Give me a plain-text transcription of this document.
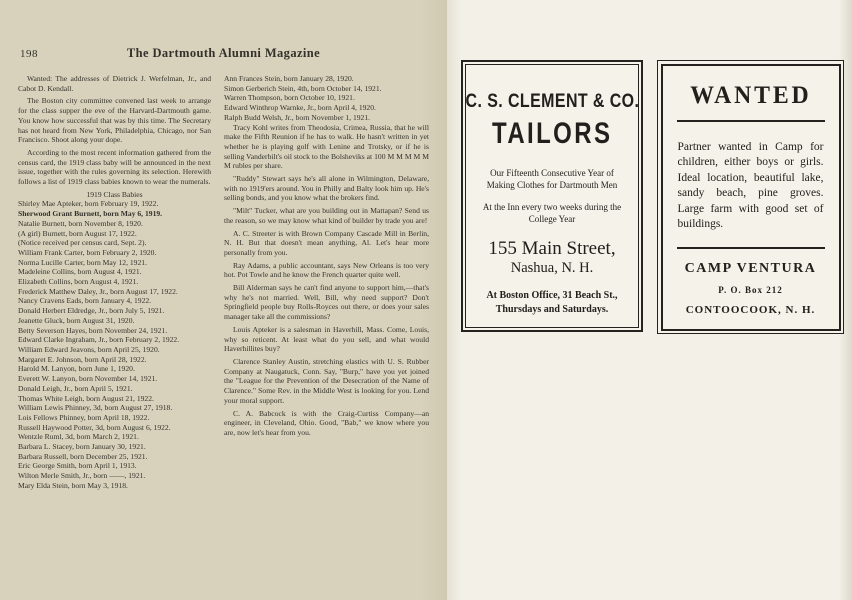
198	The Dartmouth Alumni Magazine

Wanted: The addresses of Dietrick J. Werfelman, Jr., and Cabot D. Kendall.

The Boston city committee convened last week to arrange for the class supper the eve of the Harvard-Dartmouth game. You know how successful that was by this time. The Secretary has not heard from New York, Philadelphia, Chicago, nor San Francisco. Shoot along your dope.

According to the most recent information gathered from the census card, the 1919 class baby will be announced in the next issue, together with the rules governing its selection. Herewith follows a list of 1919 class babies known to wear the numerals.

1919 Class Babies

Shirley Mae Apteker, born February 19, 1922.
Sherwood Grant Burnett, born May 6, 1919.
Natalie Burnett, born November 8, 1920.
(A girl) Burnett, born August 17, 1922.
(Notice received per census card, Sept. 2).
William Frank Carter, born February 2, 1920.
Norma Lucille Carter, born May 12, 1921.
Madeleine Collins, born August 4, 1921.
Elizabeth Collins, born August 4, 1921.
Frederick Matthew Daley, Jr., born August 17, 1922.
Nancy Cravens Eads, born January 4, 1922.
Donald Herbert Eldredge, Jr., born July 5, 1921.
Jeanette Gluck, born August 31, 1920.
Betty Severson Hayes, born November 24, 1921.
Edward Clarke Ingraham, Jr., born February 2, 1922.
William Edward Jeavons, born April 25, 1920.
Margaret E. Johnson, born April 28, 1922.
Harold M. Lanyon, born June 1, 1920.
Everett W. Lanyon, born November 14, 1921.
Donald Leigh, Jr., born April 5, 1921.
Thomas White Leigh, born August 21, 1922.
William Lewis Phinney, 3d, born August 27, 1918.
Lois Fellows Phinney, born April 18, 1922.
Russell Haywood Potter, 3d, born August 6, 1922.
Wentzle Ruml, 3d, born March 2, 1921.
Barbara L. Stacey, born January 30, 1921.
Barbara Russell, born December 25, 1921.
Eric George Smith, born April 1, 1913.
Wilton Merle Smith, Jr., born ——, 1921.
Mary Elda Stein, born May 3, 1918.
Ann Frances Stein, born January 28, 1920.
Simon Gerberich Stein, 4th, born October 14, 1921.
Warren Thompson, born October 10, 1921.
Edward Winthrop Warnke, Jr., born April 4, 1920.
Ralph Budd Welsh, Jr., born November 1, 1921.

Tracy Kohl writes from Theodosia, Crimea, Russia, that he will make the Fifth Reunion if he has to walk. He hasn't written in yet whether he is playing golf with Lenine and Trotsky, or if he is selling Vanderbilt's oil stock to the Bolsheviks at 100 M M M M M M rubles per share.

"Ruddy" Stewart says he's all alone in Wilmington, Delaware, with no 1919'ers around. You in Philly and Balty look him up. He's selling bonds, and you know what the brokers find.

"Milt" Tucker, what are you building out in Mattapan? Send us the reason, so we may know what kind of builder by trade you are!

A. C. Streeter is with Brown Company Cascade Mill in Berlin, N. H. But that doesn't mean anything, Al. Let's hear more personally from you.

Ray Adams, a public accountant, says New Orleans is too very hot. Pot Towle and he know the French quarter quite well.

Bill Alderman says he can't find anyone to support him,—that's why he's not married. Well, Bill, why need support? Don't Springfield people buy Rolls-Royces out there, or does your sales manager take all the commissions?

Louis Apteker is a salesman in Haverhill, Mass. Come, Louis, why so reticent. At least what do you sell, and what would Haverhillites buy?

Clarence Stanley Austin, stretching elastics with U. S. Rubber Company at Naugatuck, Conn. Say, "Burp," have you yet joined the "League for the Prevention of the Desecration of the Name of Clarence." Some Rev. in the Middle West is looking for you. Lend your moral support.

C. A. Babcock is with the Craig-Curtiss Company—an engineer, in Cleveland, Ohio. Good, "Bab," we know where you are, now let's hear from you.

C. S. CLEMENT & CO.
TAILORS
Our Fifteenth Consecutive Year of
Making Clothes for Dartmouth Men
At the Inn every two weeks during the
College Year
155 Main Street,
Nashua, N. H.
At Boston Office, 31 Beach St.,
Thursdays and Saturdays.
WANTED
Partner wanted in Camp for children, either boys or girls. Ideal location, beautiful lake, sandy beach, pine groves. Large farm with good set of buildings.
CAMP VENTURA
P. O. Box 212
CONTOOCOOK, N. H.
